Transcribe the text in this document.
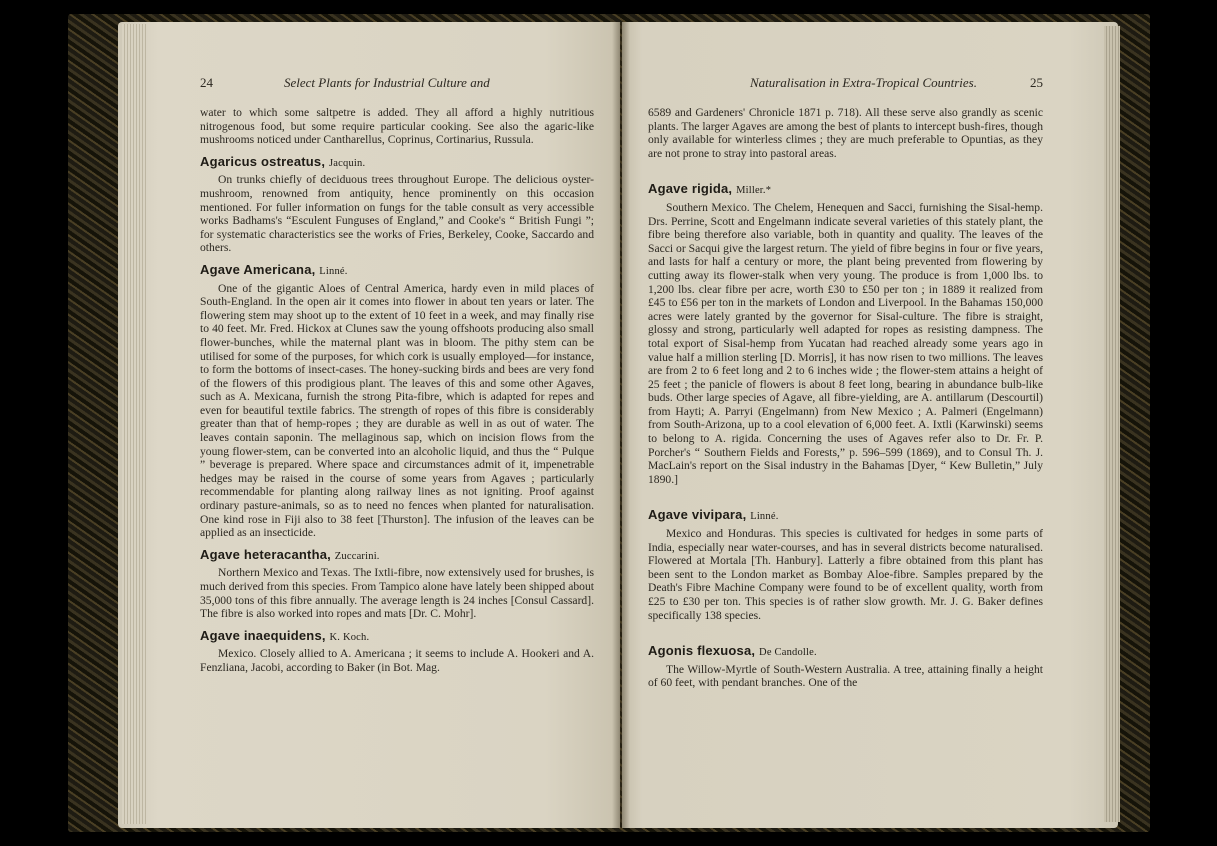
24	Select Plants for Industrial Culture and

water to which some saltpetre is added. They all afford a highly nutritious nitrogenous food, but some require particular cooking. See also the agaric-like mushrooms noticed under Cantharellus, Coprinus, Cortinarius, Russula.

Agaricus ostreatus, Jacquin.

On trunks chiefly of deciduous trees throughout Europe. The delicious oyster-mushroom, renowned from antiquity, hence prominently on this occasion mentioned. For fuller information on fungs for the table consult as very accessible works Badhams's “Esculent Funguses of England,” and Cooke's “ British Fungi ”; for systematic characteristics see the works of Fries, Berkeley, Cooke, Saccardo and others.

Agave Americana, Linné.

One of the gigantic Aloes of Central America, hardy even in mild places of South-England. In the open air it comes into flower in about ten years or later. The flowering stem may shoot up to the extent of 10 feet in a week, and may finally rise to 40 feet. Mr. Fred. Hickox at Clunes saw the young offshoots producing also small flower-bunches, while the maternal plant was in bloom. The pithy stem can be utilised for some of the purposes, for which cork is usually employed—for instance, to form the bottoms of insect-cases. The honey-sucking birds and bees are very fond of the flowers of this prodigious plant. The leaves of this and some other Agaves, such as A. Mexicana, furnish the strong Pita-fibre, which is adapted for repes and even for beautiful textile fabrics. The strength of ropes of this fibre is considerably greater than that of hemp-ropes ; they are durable as well in as out of water. The leaves contain saponin. The mellaginous sap, which on incision flows from the young flower-stem, can be converted into an alcoholic liquid, and thus the “ Pulque ” beverage is prepared. Where space and circumstances admit of it, impenetrable hedges may be raised in the course of some years from Agaves ; particularly recommendable for planting along railway lines as not igniting. Proof against ordinary pasture-animals, so as to need no fences when planted for naturalisation. One kind rose in Fiji also to 38 feet [Thurston]. The infusion of the leaves can be applied as an insecticide.

Agave heteracantha, Zuccarini.

Northern Mexico and Texas. The Ixtli-fibre, now extensively used for brushes, is much derived from this species. From Tampico alone have lately been shipped about 35,000 tons of this fibre annually. The average length is 24 inches [Consul Cassard]. The fibre is also worked into ropes and mats [Dr. C. Mohr].

Agave inaequidens, K. Koch.

Mexico. Closely allied to A. Americana ; it seems to include A. Hookeri and A. Fenzliana, Jacobi, according to Baker (in Bot. Mag.

Naturalisation in Extra-Tropical Countries.	25

6589 and Gardeners' Chronicle 1871 p. 718). All these serve also grandly as scenic plants. The larger Agaves are among the best of plants to intercept bush-fires, though only available for winterless climes ; they are much preferable to Opuntias, as they are not prone to stray into pastoral areas.

Agave rigida, Miller.*

Southern Mexico. The Chelem, Henequen and Sacci, furnishing the Sisal-hemp. Drs. Perrine, Scott and Engelmann indicate several varieties of this stately plant, the fibre being therefore also variable, both in quantity and quality. The leaves of the Sacci or Sacqui give the largest return. The yield of fibre begins in four or five years, and lasts for half a century or more, the plant being prevented from flowering by cutting away its flower-stalk when very young. The produce is from 1,000 lbs. to 1,200 lbs. clear fibre per acre, worth £30 to £50 per ton ; in 1889 it realized from £45 to £56 per ton in the markets of London and Liverpool. In the Bahamas 150,000 acres were lately granted by the governor for Sisal-culture. The fibre is straight, glossy and strong, particularly well adapted for ropes as resisting dampness. The total export of Sisal-hemp from Yucatan had reached already some years ago in value half a million sterling [D. Morris], it has now risen to two millions. The leaves are from 2 to 6 feet long and 2 to 6 inches wide ; the flower-stem attains a height of 25 feet ; the panicle of flowers is about 8 feet long, bearing in abundance bulb-like buds. Other large species of Agave, all fibre-yielding, are A. antillarum (Descourtil) from Hayti; A. Parryi (Engelmann) from New Mexico ; A. Palmeri (Engelmann) from South-Arizona, up to a cool elevation of 6,000 feet. A. Ixtli (Karwinski) seems to belong to A. rigida. Concerning the uses of Agaves refer also to Dr. Fr. P. Porcher's “ Southern Fields and Forests,” p. 596–599 (1869), and to Consul Th. J. MacLain's report on the Sisal industry in the Bahamas [Dyer, “ Kew Bulletin,” July 1890.]

Agave vivipara, Linné.

Mexico and Honduras. This species is cultivated for hedges in some parts of India, especially near water-courses, and has in several districts become naturalised. Flowered at Mortala [Th. Hanbury]. Latterly a fibre obtained from this plant has been sent to the London market as Bombay Aloe-fibre. Samples prepared by the Death's Fibre Machine Company were found to be of excellent quality, worth from £25 to £30 per ton. This species is of rather slow growth. Mr. J. G. Baker defines specifically 138 species.

Agonis flexuosa, De Candolle.

The Willow-Myrtle of South-Western Australia. A tree, attaining finally a height of 60 feet, with pendant branches. One of the
